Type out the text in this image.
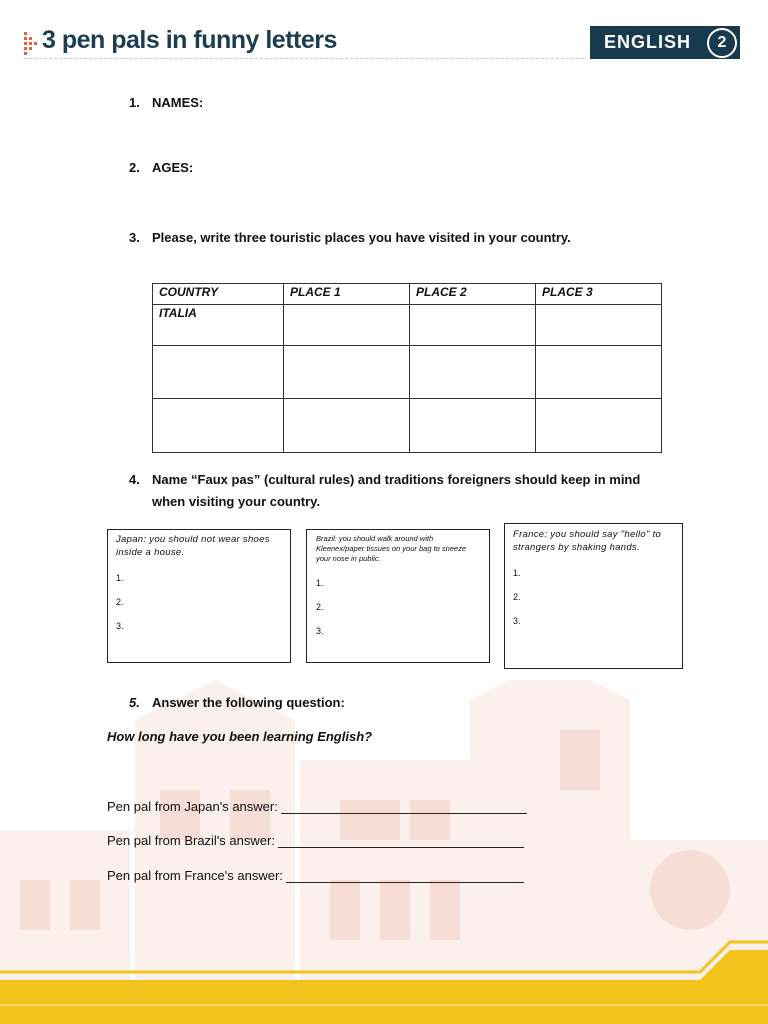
3 pen pals in funny letters	ENGLISH	2
1. NAMES:
2. AGES:
3. Please, write three touristic places you have visited in your country.
COUNTRY	PLACE 1	PLACE 2	PLACE 3
ITALIA			

4. Name “Faux pas” (cultural rules) and traditions foreigners should keep in mind when visiting your country.
Japan: you should not wear shoes inside a house.
1.
2.
3.
Brazil: you should walk around with Kleenex/paper tissues on your bag to sneeze your nose in public.
1.
2.
3.
France: you should say "hello" to strangers by shaking hands.
1.
2.
3.
5. Answer the following question:
How long have you been learning English?
Pen pal from Japan's answer:
Pen pal from Brazil's answer:
Pen pal from France's answer:
